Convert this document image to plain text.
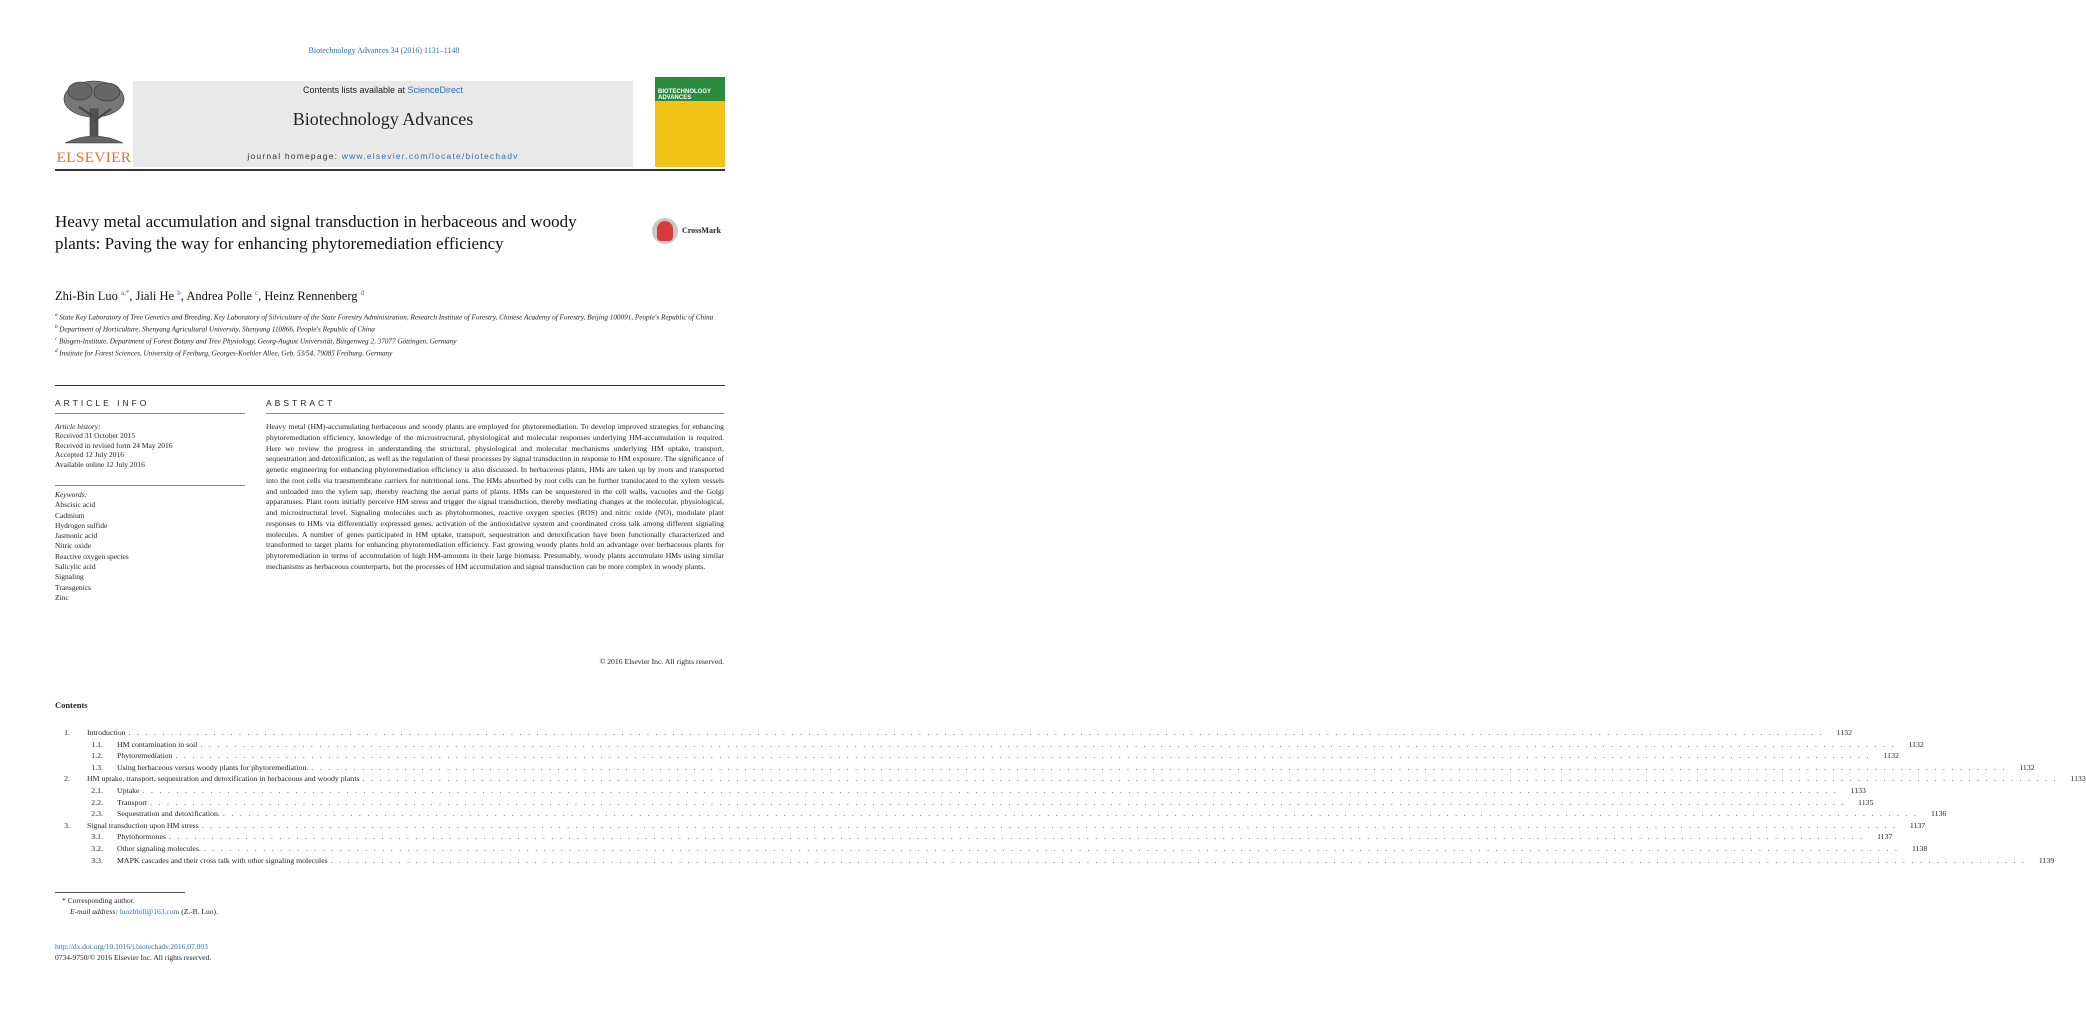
Biotechnology Advances 34 (2016) 1131–1148
ELSEVIER
Contents lists available at ScienceDirect
Biotechnology Advances
journal homepage: www.elsevier.com/locate/biotechadv
BIOTECHNOLOGY ADVANCES
Heavy metal accumulation and signal transduction in herbaceous and woody plants: Paving the way for enhancing phytoremediation efficiency
CrossMark
Zhi-Bin Luo $^{a,*}$, Jiali He $^b$, Andrea Polle $^c$, Heinz Rennenberg $^d$
$^a$ State Key Laboratory of Tree Genetics and Breeding, Key Laboratory of Silviculture of the State Forestry Administration, Research Institute of Forestry, Chinese Academy of Forestry, Beijing 100091, People's Republic of China
$^b$ Department of Horticulture, Shenyang Agricultural University, Shenyang 110866, People's Republic of China
$^c$ Büsgen-Institute, Department of Forest Botany and Tree Physiology, Georg-August Universität, Büsgenweg 2, 37077 Göttingen, Germany
$^d$ Institute for Forest Sciences, University of Freiburg, Georges-Koehler Allee, Geb. 53/54, 79085 Freiburg, Germany
ARTICLE INFO
Article history:
Received 31 October 2015
Received in revised form 24 May 2016
Accepted 12 July 2016
Available online 12 July 2016
Keywords:
Abscisic acid
Cadmium
Hydrogen sulfide
Jasmonic acid
Nitric oxide
Reactive oxygen species
Salicylic acid
Signaling
Transgenics
Zinc
ABSTRACT
Heavy metal (HM)-accumulating herbaceous and woody plants are employed for phytoremediation. To develop improved strategies for enhancing phytoremediation efficiency, knowledge of the microstructural, physiological and molecular responses underlying HM-accumulation is required. Here we review the progress in understanding the structural, physiological and molecular mechanisms underlying HM uptake, transport, sequestration and detoxification, as well as the regulation of these processes by signal transduction in response to HM exposure. The significance of genetic engineering for enhancing phytoremediation efficiency is also discussed. In herbaceous plants, HMs are taken up by roots and transported into the root cells via transmembrane carriers for nutritional ions. The HMs absorbed by root cells can be further translocated to the xylem vessels and unloaded into the xylem sap, thereby reaching the aerial parts of plants. HMs can be sequestered in the cell walls, vacuoles and the Golgi apparatuses. Plant roots initially perceive HM stress and trigger the signal transduction, thereby mediating changes at the molecular, physiological, and microstructural level. Signaling molecules such as phytohormones, reactive oxygen species (ROS) and nitric oxide (NO), modulate plant responses to HMs via differentially expressed genes, activation of the antioxidative system and coordinated cross talk among different signaling molecules. A number of genes participated in HM uptake, transport, sequestration and detoxification have been functionally characterized and transformed to target plants for enhancing phytoremediation efficiency. Fast growing woody plants hold an advantage over herbaceous plants for phytoremediation in terms of accumulation of high HM-amounts in their large biomass. Presumably, woody plants accumulate HMs using similar mechanisms as herbaceous counterparts, but the processes of HM accumulation and signal transduction can be more complex in woody plants.
© 2016 Elsevier Inc. All rights reserved.
Contents
1.	Introduction . . . . . . . . . . . . . . . . . . . . . . . . . . . . . . . . . . . . . . . . . . . . . . . . . . . . . . . . . . . . . . . . . . . . . . . . . . . . . . . . . . . . . . . . . . . . . . . . . . . . . . . . . . . . . . . . . . . . . . . . . . . . . . . . . . . . . . . . . . . . . . . . . . . . . . . . . . . . . . . . . . . . . . . . . . . . . . . . . . . . . . . . . . . . . . . . . . . . . . . .	1132
1.1.	HM contamination in soil . . . . . . . . . . . . . . . . . . . . . . . . . . . . . . . . . . . . . . . . . . . . . . . . . . . . . . . . . . . . . . . . . . . . . . . . . . . . . . . . . . . . . . . . . . . . . . . . . . . . . . . . . . . . . . . . . . . . . . . . . . . . . . . . . . . . . . . . . . . . . . . . . . . . . . . . . . . . . . . . . . . . . . . . . . . . . . . . . . . . . . . . . . . . . . . . . . . . . . . .	1132
1.2.	Phytoremediation . . . . . . . . . . . . . . . . . . . . . . . . . . . . . . . . . . . . . . . . . . . . . . . . . . . . . . . . . . . . . . . . . . . . . . . . . . . . . . . . . . . . . . . . . . . . . . . . . . . . . . . . . . . . . . . . . . . . . . . . . . . . . . . . . . . . . . . . . . . . . . . . . . . . . . . . . . . . . . . . . . . . . . . . . . . . . . . . . . . . . . . . . . . . . . . . . . . . . . . .	1132
1.3.	Using herbaceous versus woody plants for phytoremediation. . . . . . . . . . . . . . . . . . . . . . . . . . . . . . . . . . . . . . . . . . . . . . . . . . . . . . . . . . . . . . . . . . . . . . . . . . . . . . . . . . . . . . . . . . . . . . . . . . . . . . . . . . . . . . . . . . . . . . . . . . . . . . . . . . . . . . . . . . . . . . . . . . . . . . . . . . . . . . . . . . . . . . . . . . . . . . . . . . . . . . . . . . . . . . . . . . . . . . . . .	1132
2.	HM uptake, transport, sequestration and detoxification in herbaceous and woody plants . . . . . . . . . . . . . . . . . . . . . . . . . . . . . . . . . . . . . . . . . . . . . . . . . . . . . . . . . . . . . . . . . . . . . . . . . . . . . . . . . . . . . . . . . . . . . . . . . . . . . . . . . . . . . . . . . . . . . . . . . . . . . . . . . . . . . . . . . . . . . . . . . . . . . . . . . . . . . . . . . . . . . . . . . . . . . . . . . . . . . . . . . . . . . . . . . . . . . . . .	1133
2.1.	Uptake . . . . . . . . . . . . . . . . . . . . . . . . . . . . . . . . . . . . . . . . . . . . . . . . . . . . . . . . . . . . . . . . . . . . . . . . . . . . . . . . . . . . . . . . . . . . . . . . . . . . . . . . . . . . . . . . . . . . . . . . . . . . . . . . . . . . . . . . . . . . . . . . . . . . . . . . . . . . . . . . . . . . . . . . . . . . . . . . . . . . . . . . . . . . . . . . . . . . . . . .	1133
2.2.	Transport . . . . . . . . . . . . . . . . . . . . . . . . . . . . . . . . . . . . . . . . . . . . . . . . . . . . . . . . . . . . . . . . . . . . . . . . . . . . . . . . . . . . . . . . . . . . . . . . . . . . . . . . . . . . . . . . . . . . . . . . . . . . . . . . . . . . . . . . . . . . . . . . . . . . . . . . . . . . . . . . . . . . . . . . . . . . . . . . . . . . . . . . . . . . . . . . . . . . . . . .	1135
2.3.	Sequestration and detoxification. . . . . . . . . . . . . . . . . . . . . . . . . . . . . . . . . . . . . . . . . . . . . . . . . . . . . . . . . . . . . . . . . . . . . . . . . . . . . . . . . . . . . . . . . . . . . . . . . . . . . . . . . . . . . . . . . . . . . . . . . . . . . . . . . . . . . . . . . . . . . . . . . . . . . . . . . . . . . . . . . . . . . . . . . . . . . . . . . . . . . . . . . . . . . . . . . . . . . . . . .	1136
3.	Signal transduction upon HM stress . . . . . . . . . . . . . . . . . . . . . . . . . . . . . . . . . . . . . . . . . . . . . . . . . . . . . . . . . . . . . . . . . . . . . . . . . . . . . . . . . . . . . . . . . . . . . . . . . . . . . . . . . . . . . . . . . . . . . . . . . . . . . . . . . . . . . . . . . . . . . . . . . . . . . . . . . . . . . . . . . . . . . . . . . . . . . . . . . . . . . . . . . . . . . . . . . . . . . . . .	1137
3.1.	Phytohormones . . . . . . . . . . . . . . . . . . . . . . . . . . . . . . . . . . . . . . . . . . . . . . . . . . . . . . . . . . . . . . . . . . . . . . . . . . . . . . . . . . . . . . . . . . . . . . . . . . . . . . . . . . . . . . . . . . . . . . . . . . . . . . . . . . . . . . . . . . . . . . . . . . . . . . . . . . . . . . . . . . . . . . . . . . . . . . . . . . . . . . . . . . . . . . . . . . . . . . . .	1137
3.2.	Other signaling molecules. . . . . . . . . . . . . . . . . . . . . . . . . . . . . . . . . . . . . . . . . . . . . . . . . . . . . . . . . . . . . . . . . . . . . . . . . . . . . . . . . . . . . . . . . . . . . . . . . . . . . . . . . . . . . . . . . . . . . . . . . . . . . . . . . . . . . . . . . . . . . . . . . . . . . . . . . . . . . . . . . . . . . . . . . . . . . . . . . . . . . . . . . . . . . . . . . . . . . . . . .	1138
3.3.	MAPK cascades and their cross talk with other signaling molecules . . . . . . . . . . . . . . . . . . . . . . . . . . . . . . . . . . . . . . . . . . . . . . . . . . . . . . . . . . . . . . . . . . . . . . . . . . . . . . . . . . . . . . . . . . . . . . . . . . . . . . . . . . . . . . . . . . . . . . . . . . . . . . . . . . . . . . . . . . . . . . . . . . . . . . . . . . . . . . . . . . . . . . . . . . . . . . . . . . . . . . . . . . . . . . . . . . . . . . . .	1139
* Corresponding author.
E-mail address: luozbbill@163.com (Z.-B. Luo).
http://dx.doi.org/10.1016/j.biotechadv.2016.07.003
0734-9750/© 2016 Elsevier Inc. All rights reserved.
